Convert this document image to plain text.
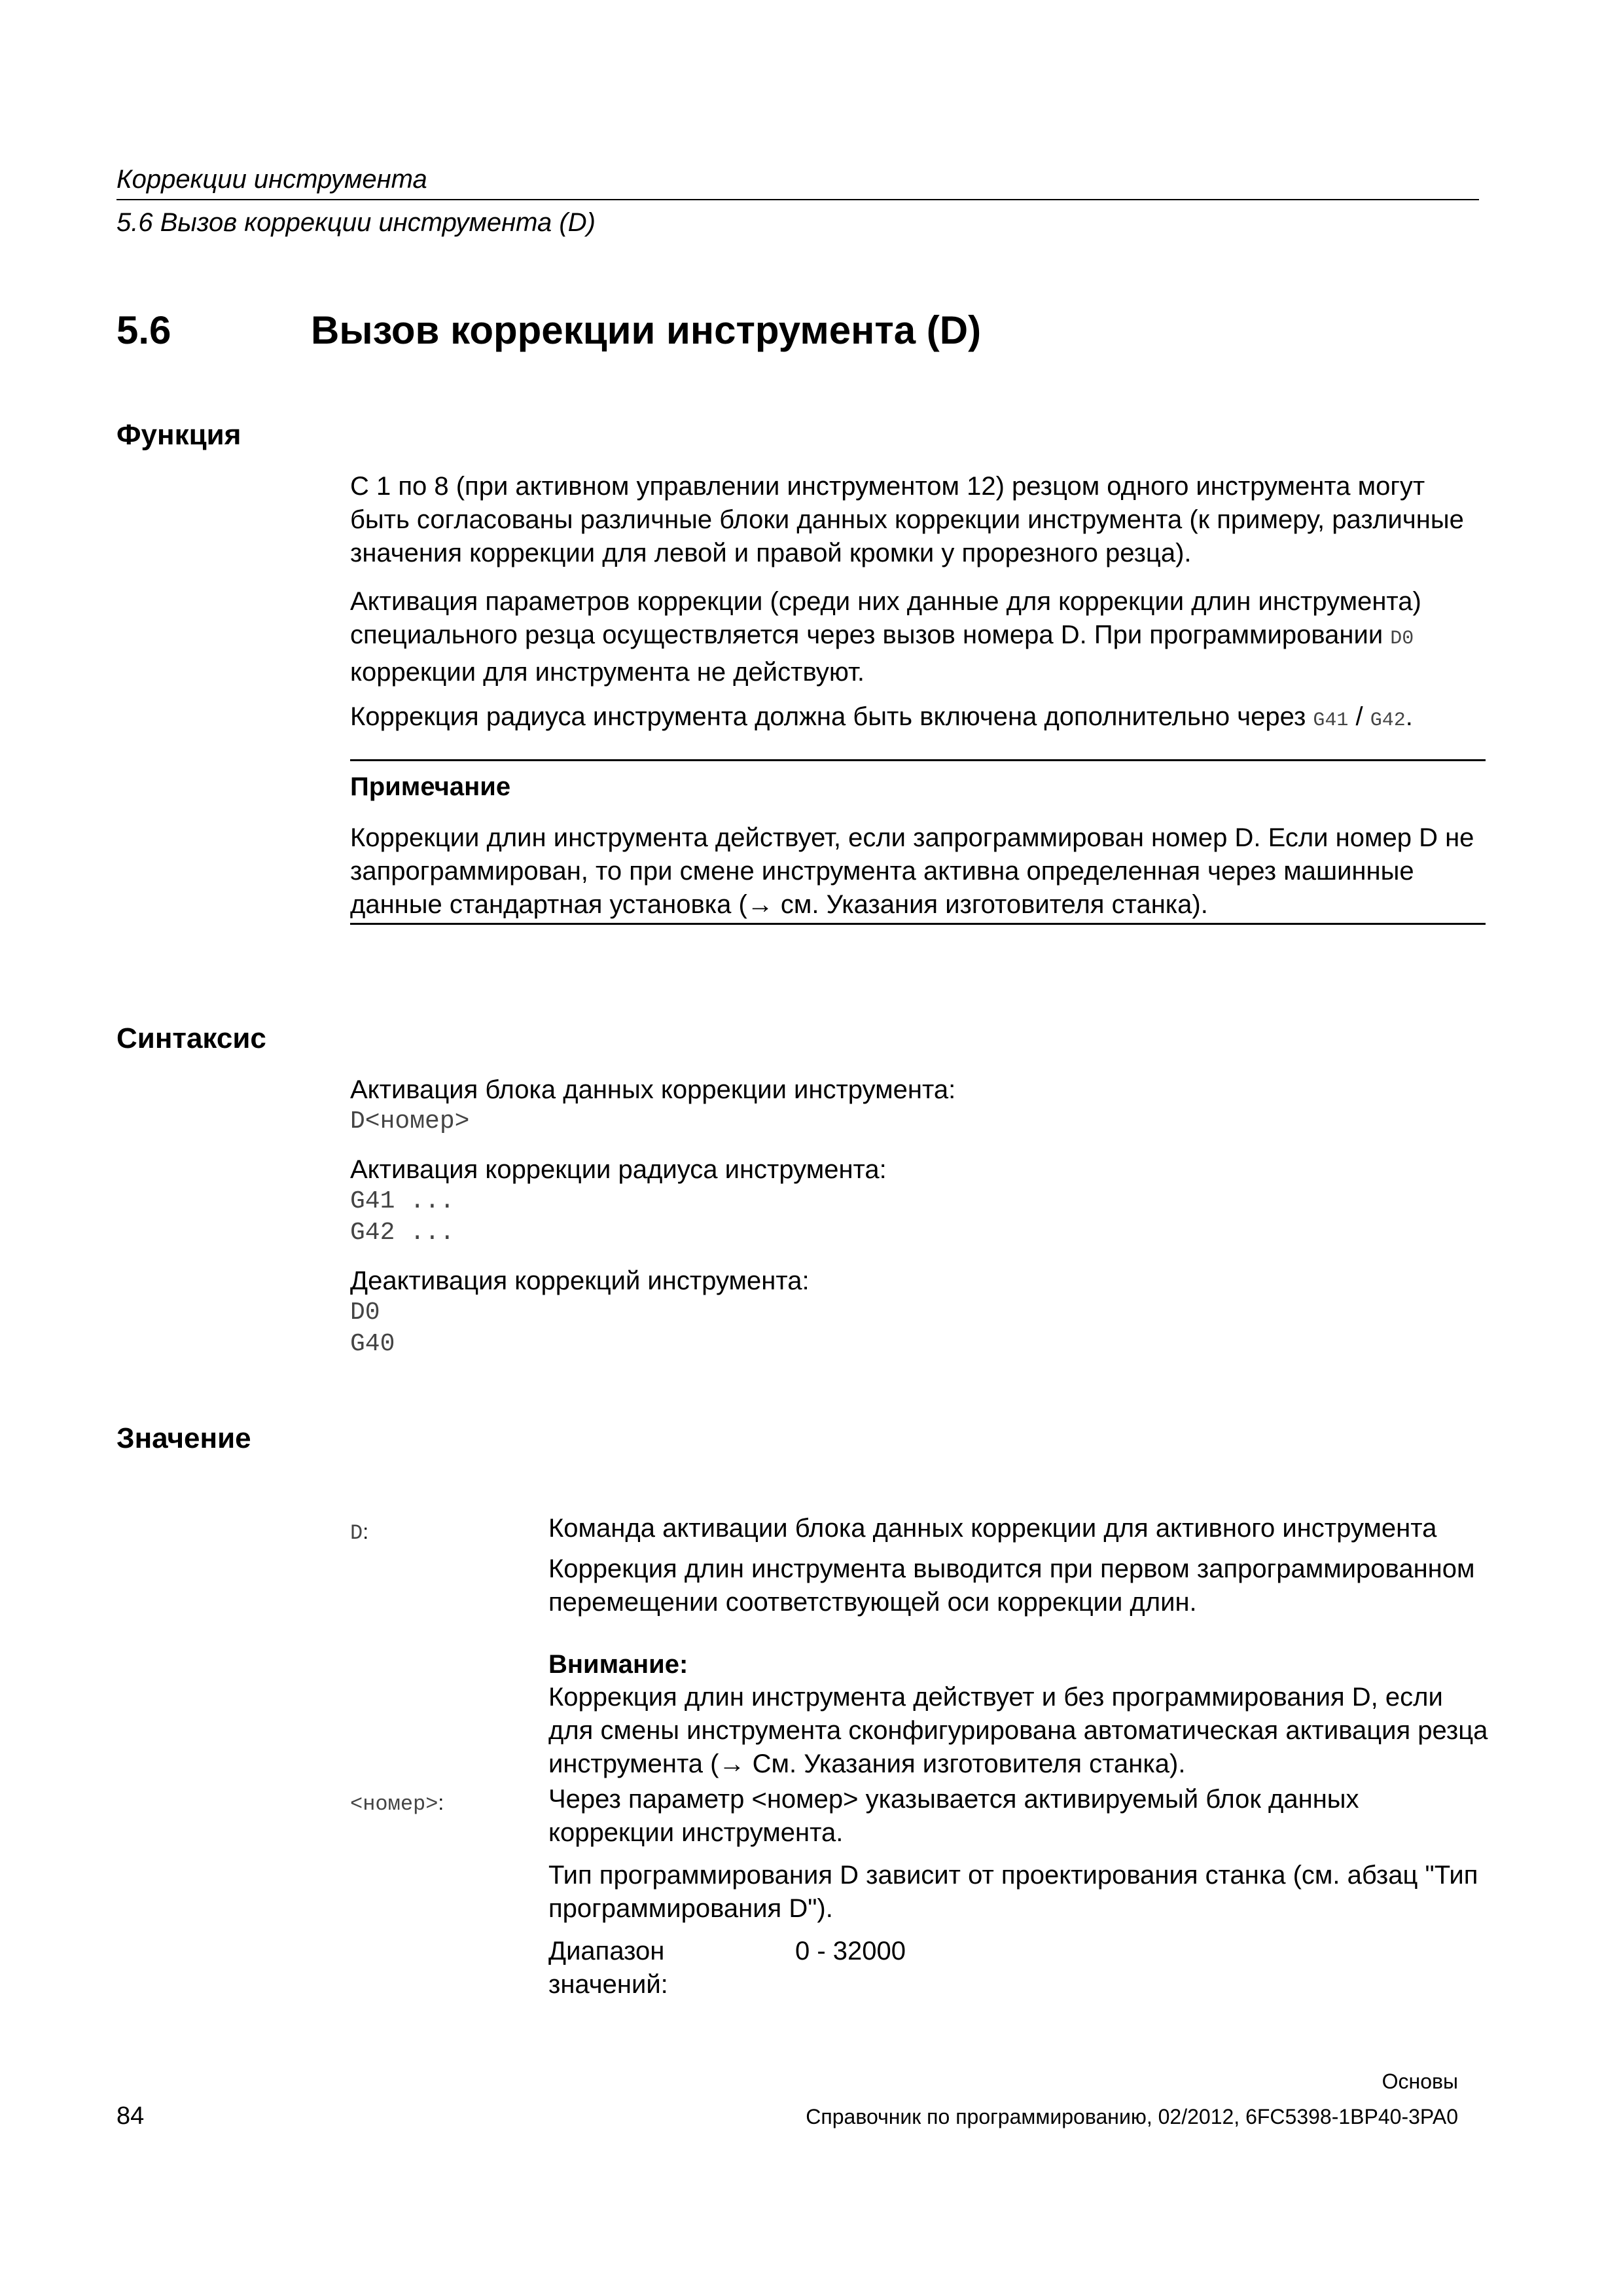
Коррекции инструмента
5.6 Вызов коррекции инструмента (D)
5.6	Вызов коррекции инструмента (D)
Функция
С 1 по 8 (при активном управлении инструментом 12) резцом одного инструмента могут быть согласованы различные блоки данных коррекции инструмента (к примеру, различные значения коррекции для левой и правой кромки у прорезного резца).
Активация параметров коррекции (среди них данные для коррекции длин инструмента) специального резца осуществляется через вызов номера D. При программировании D0
коррекции для инструмента не действуют.
Коррекция радиуса инструмента должна быть включена дополнительно через G41 / G42.
Примечание
Коррекции длин инструмента действует, если запрограммирован номер D. Если номер D не запрограммирован, то при смене инструмента активна определенная через машинные данные стандартная установка (→ см. Указания изготовителя станка).
Синтаксис
Активация блока данных коррекции инструмента:
D<номер>
Активация коррекции радиуса инструмента:
G41 ...
G42 ...
Деактивация коррекций инструмента:
D0
G40
Значение
D:	Команда активации блока данных коррекции для активного инструмента
Коррекция длин инструмента выводится при первом запрограммированном перемещении соответствующей оси коррекции длин.
Внимание:
Коррекция длин инструмента действует и без программирования D, если для смены инструмента сконфигурирована автоматическая активация резца инструмента (→ См. Указания изготовителя станка).
<номер>:	Через параметр <номер> указывается активируемый блок данных коррекции инструмента.
Тип программирования D зависит от проектирования станка (см. абзац "Тип программирования D").
Диапазон значений:
0 - 32000
Основы
84	Справочник по программированию, 02/2012, 6FC5398-1BP40-3PA0
